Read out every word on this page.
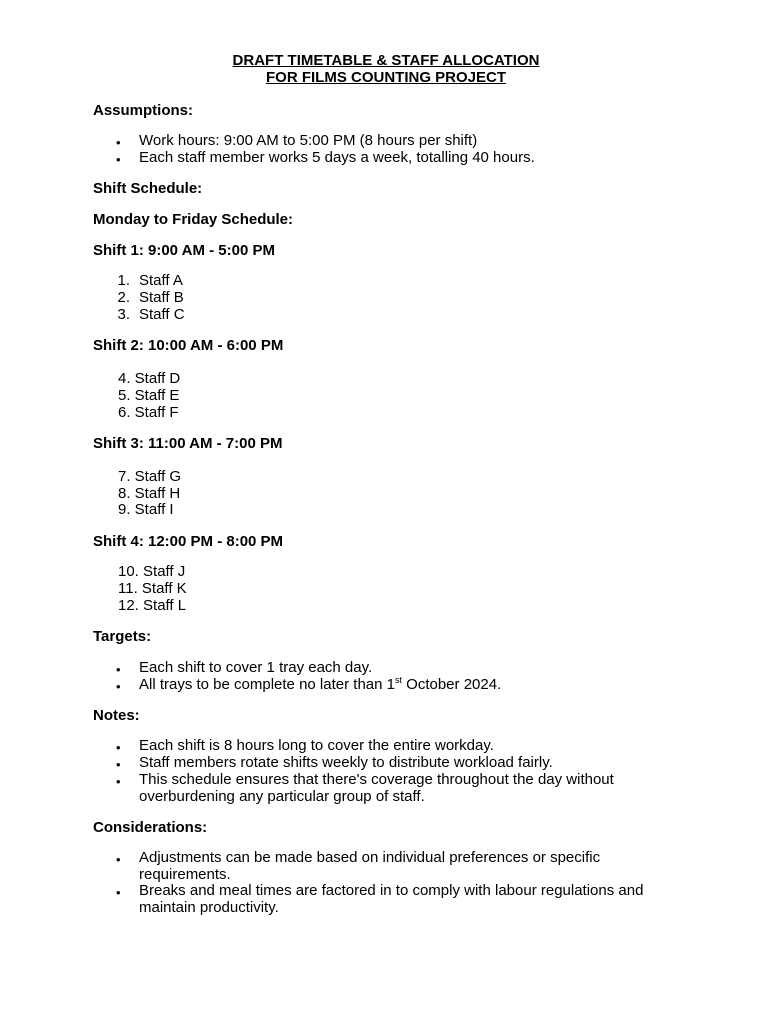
DRAFT TIMETABLE & STAFF ALLOCATION
FOR FILMS COUNTING PROJECT
Assumptions:
• Work hours: 9:00 AM to 5:00 PM (8 hours per shift)
• Each staff member works 5 days a week, totalling 40 hours.
Shift Schedule:
Monday to Friday Schedule:
Shift 1: 9:00 AM - 5:00 PM
1. Staff A
2. Staff B
3. Staff C
Shift 2: 10:00 AM - 6:00 PM
4. Staff D
5. Staff E
6. Staff F
Shift 3: 11:00 AM - 7:00 PM
7. Staff G
8. Staff H
9. Staff I
Shift 4: 12:00 PM - 8:00 PM
10. Staff J
11. Staff K
12. Staff L
Targets:
• Each shift to cover 1 tray each day.
• All trays to be complete no later than 1st October 2024.
Notes:
• Each shift is 8 hours long to cover the entire workday.
• Staff members rotate shifts weekly to distribute workload fairly.
• This schedule ensures that there's coverage throughout the day without
overburdening any particular group of staff.
Considerations:
• Adjustments can be made based on individual preferences or specific
requirements.
• Breaks and meal times are factored in to comply with labour regulations and
maintain productivity.
